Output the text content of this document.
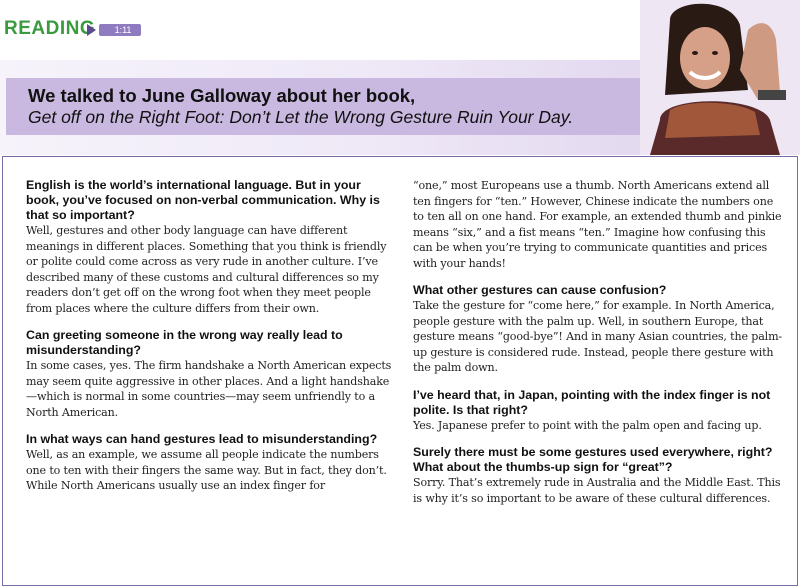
READING	1:11
We talked to June Galloway about her book,
Get off on the Right Foot: Don’t Let the Wrong Gesture Ruin Your Day.

English is the world’s international language. But in your book, you’ve focused on non-verbal communication. Why is that so important?

Well, gestures and other body language can have different meanings in different places. Something that you think is friendly or polite could come across as very rude in another culture. I’ve described many of these customs and cultural differences so my readers don’t get off on the wrong foot when they meet people from places where the culture differs from their own.

Can greeting someone in the wrong way really lead to misunderstanding?

In some cases, yes. The firm handshake a North American expects may seem quite aggressive in other places. And a light handshake—which is normal in some countries—may seem unfriendly to a North American.

In what ways can hand gestures lead to misunderstanding?

Well, as an example, we assume all people indicate the numbers one to ten with their fingers the same way. But in fact, they don’t. While North Americans usually use an index finger for

“one,” most Europeans use a thumb. North Americans extend all ten fingers for “ten.” However, Chinese indicate the numbers one to ten all on one hand. For example, an extended thumb and pinkie means “six,” and a fist means “ten.” Imagine how confusing this can be when you’re trying to communicate quantities and prices with your hands!

What other gestures can cause confusion?

Take the gesture for “come here,” for example. In North America, people gesture with the palm up. Well, in southern Europe, that gesture means “good-bye”! And in many Asian countries, the palm-up gesture is considered rude. Instead, people there gesture with the palm down.

I’ve heard that, in Japan, pointing with the index finger is not polite. Is that right?

Yes. Japanese prefer to point with the palm open and facing up.

Surely there must be some gestures used everywhere, right? What about the thumbs-up sign for “great”?

Sorry. That’s extremely rude in Australia and the Middle East. This is why it’s so important to be aware of these cultural differences.
